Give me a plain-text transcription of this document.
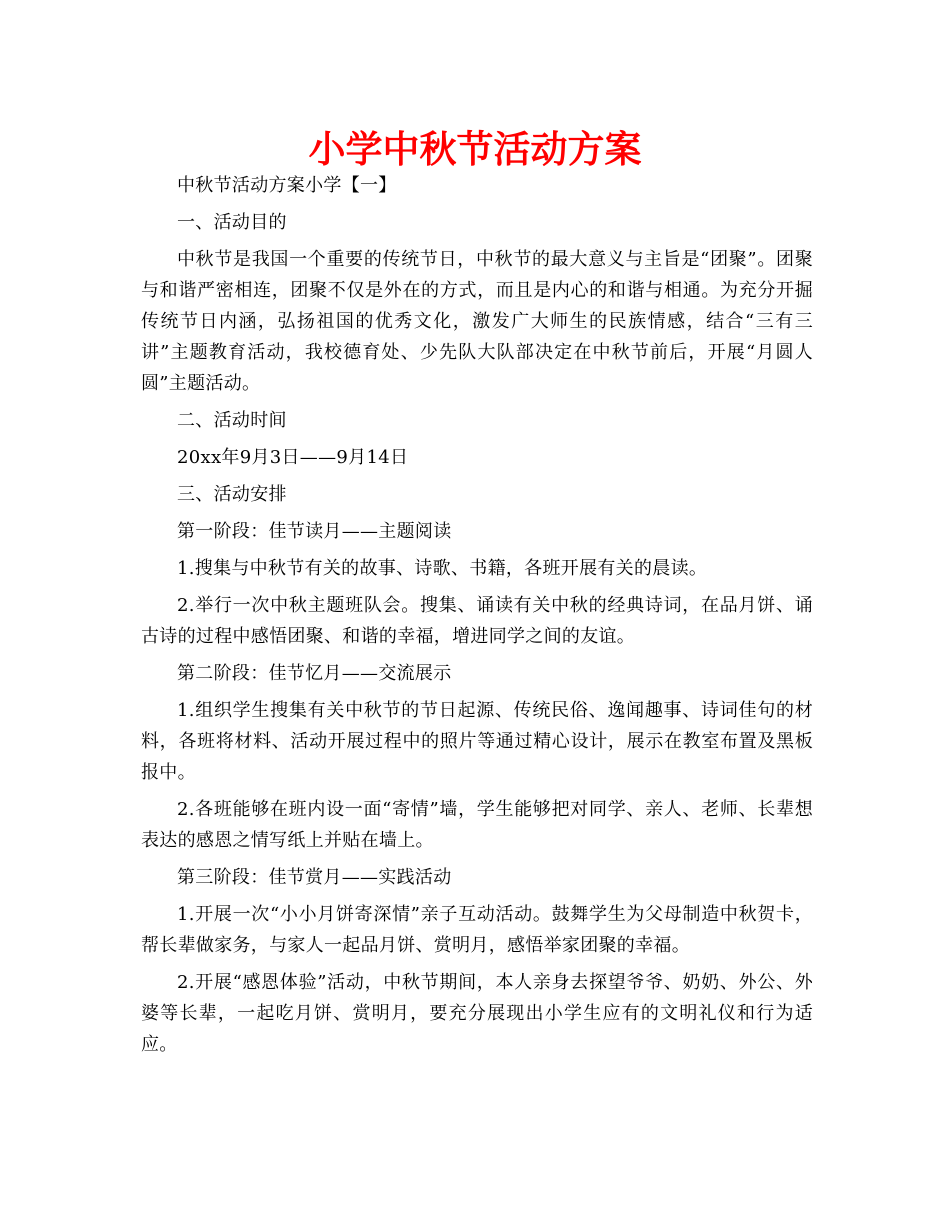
小学中秋节活动方案

中秋节活动方案小学【一】

一、活动目的

中秋节是我国一个重要的传统节日，中秋节的最大意义与主旨是“团聚”。团聚与和谐严密相连，团聚不仅是外在的方式，而且是内心的和谐与相通。为充分开掘传统节日内涵，弘扬祖国的优秀文化，激发广大师生的民族情感，结合“三有三讲”主题教育活动，我校德育处、少先队大队部决定在中秋节前后，开展“月圆人圆”主题活动。

二、活动时间

20xx年9月3日——9月14日

三、活动安排

第一阶段：佳节读月——主题阅读

1.搜集与中秋节有关的故事、诗歌、书籍，各班开展有关的晨读。

2.举行一次中秋主题班队会。搜集、诵读有关中秋的经典诗词，在品月饼、诵古诗的过程中感悟团聚、和谐的幸福，增进同学之间的友谊。

第二阶段：佳节忆月——交流展示

1.组织学生搜集有关中秋节的节日起源、传统民俗、逸闻趣事、诗词佳句的材料，各班将材料、活动开展过程中的照片等通过精心设计，展示在教室布置及黑板报中。

2.各班能够在班内设一面“寄情”墙，学生能够把对同学、亲人、老师、长辈想表达的感恩之情写纸上并贴在墙上。

第三阶段：佳节赏月——实践活动

1.开展一次“小小月饼寄深情”亲子互动活动。鼓舞学生为父母制造中秋贺卡，帮长辈做家务，与家人一起品月饼、赏明月，感悟举家团聚的幸福。

2.开展“感恩体验”活动，中秋节期间，本人亲身去探望爷爷、奶奶、外公、外婆等长辈，一起吃月饼、赏明月，要充分展现出小学生应有的文明礼仪和行为适应。
